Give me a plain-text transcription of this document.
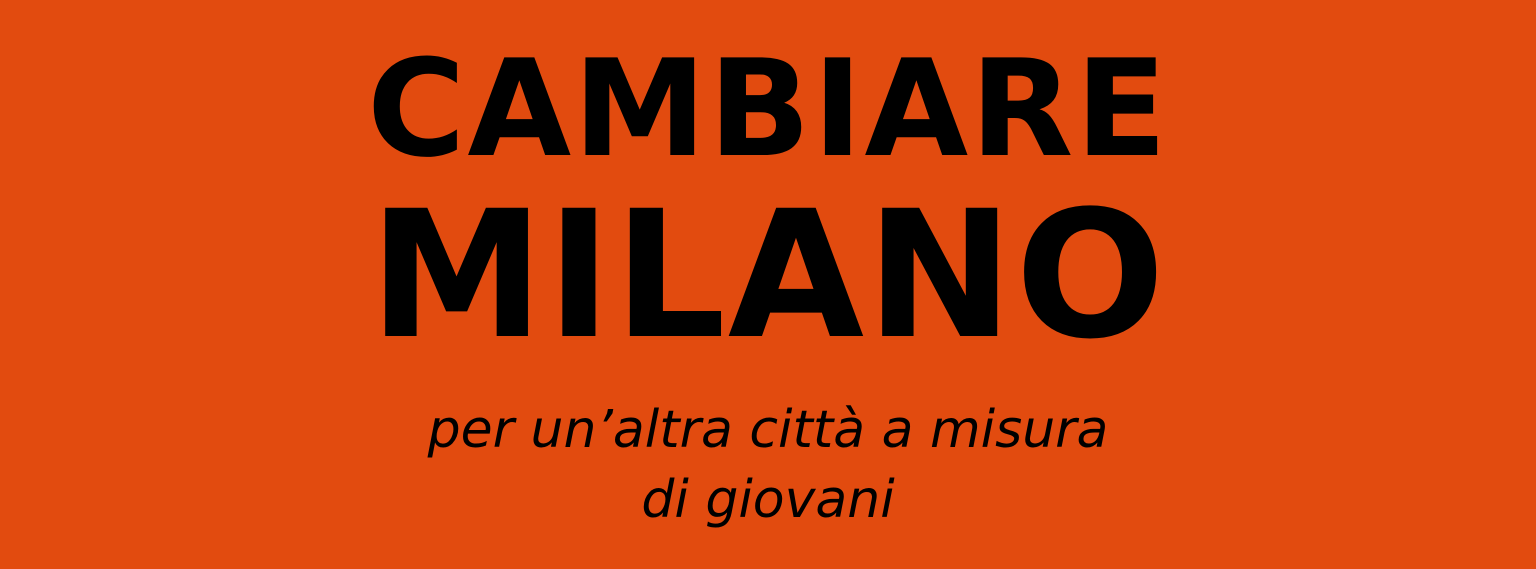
CAMBIARE
MILANO

per un’altra città a misura

di giovani
